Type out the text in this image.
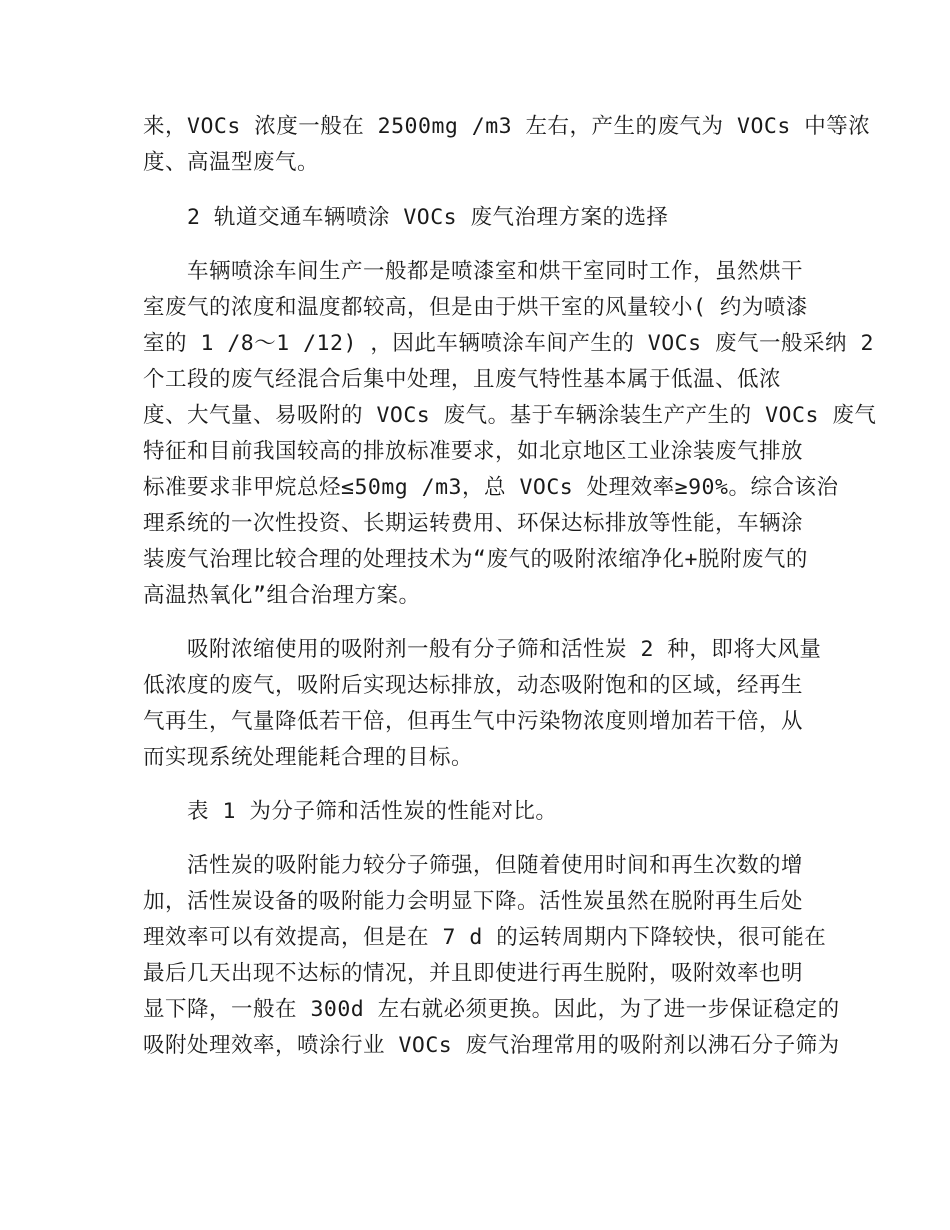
来，VOCs 浓度一般在 2500mg /m3 左右，产生的废气为 VOCs 中等浓

度、高温型废气。

2 轨道交通车辆喷涂 VOCs 废气治理方案的选择

车辆喷涂车间生产一般都是喷漆室和烘干室同时工作，虽然烘干

室废气的浓度和温度都较高，但是由于烘干室的风量较小( 约为喷漆

室的 1 /8～1 /12) ，因此车辆喷涂车间产生的 VOCs 废气一般采纳 2

个工段的废气经混合后集中处理，且废气特性基本属于低温、低浓

度、大气量、易吸附的 VOCs 废气。基于车辆涂装生产产生的 VOCs 废气

特征和目前我国较高的排放标准要求，如北京地区工业涂装废气排放

标准要求非甲烷总烃≤50mg /m3，总 VOCs 处理效率≥90%。综合该治

理系统的一次性投资、长期运转费用、环保达标排放等性能，车辆涂

装废气治理比较合理的处理技术为“废气的吸附浓缩净化+脱附废气的

高温热氧化”组合治理方案。

吸附浓缩使用的吸附剂一般有分子筛和活性炭 2 种，即将大风量

低浓度的废气，吸附后实现达标排放，动态吸附饱和的区域，经再生

气再生，气量降低若干倍，但再生气中污染物浓度则增加若干倍，从

而实现系统处理能耗合理的目标。

表 1 为分子筛和活性炭的性能对比。

活性炭的吸附能力较分子筛强，但随着使用时间和再生次数的增

加，活性炭设备的吸附能力会明显下降。活性炭虽然在脱附再生后处

理效率可以有效提高，但是在 7 d 的运转周期内下降较快，很可能在

最后几天出现不达标的情况，并且即使进行再生脱附，吸附效率也明

显下降，一般在 300d 左右就必须更换。因此，为了进一步保证稳定的

吸附处理效率，喷涂行业 VOCs 废气治理常用的吸附剂以沸石分子筛为
